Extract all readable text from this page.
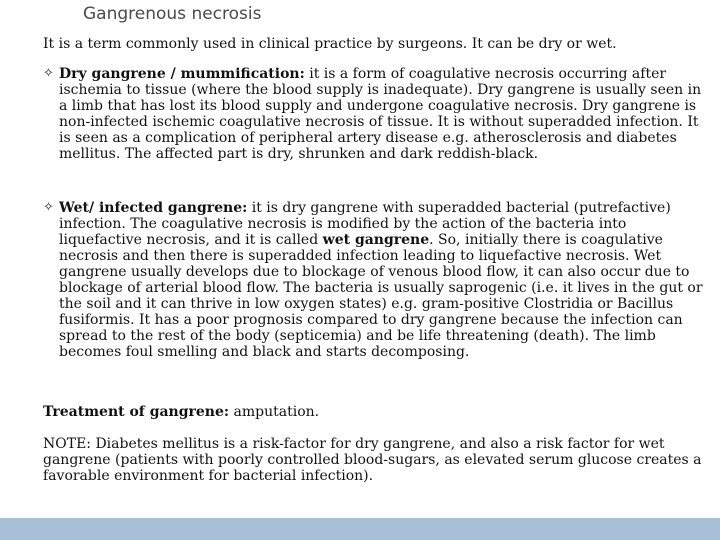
Gangrenous necrosis
It is a term commonly used in clinical practice by surgeons. It can be dry or wet.
✧ Dry gangrene / mummification: it is a form of coagulative necrosis occurring after ischemia to tissue (where the blood supply is inadequate). Dry gangrene is usually seen in a limb that has lost its blood supply and undergone coagulative necrosis. Dry gangrene is non-infected ischemic coagulative necrosis of tissue. It is without superadded infection. It is seen as a complication of peripheral artery disease e.g. atherosclerosis and diabetes mellitus. The affected part is dry, shrunken and dark reddish-black.
✧ Wet/ infected gangrene: it is dry gangrene with superadded bacterial (putrefactive) infection. The coagulative necrosis is modified by the action of the bacteria into liquefactive necrosis, and it is called wet gangrene. So, initially there is coagulative necrosis and then there is superadded infection leading to liquefactive necrosis. Wet gangrene usually develops due to blockage of venous blood flow, it can also occur due to blockage of arterial blood flow. The bacteria is usually saprogenic (i.e. it lives in the gut or the soil and it can thrive in low oxygen states) e.g. gram-positive Clostridia or Bacillus fusiformis. It has a poor prognosis compared to dry gangrene because the infection can spread to the rest of the body (septicemia) and be life threatening (death). The limb becomes foul smelling and black and starts decomposing.
Treatment of gangrene: amputation.
NOTE: Diabetes mellitus is a risk-factor for dry gangrene, and also a risk factor for wet gangrene (patients with poorly controlled blood-sugars, as elevated serum glucose creates a favorable environment for bacterial infection).
